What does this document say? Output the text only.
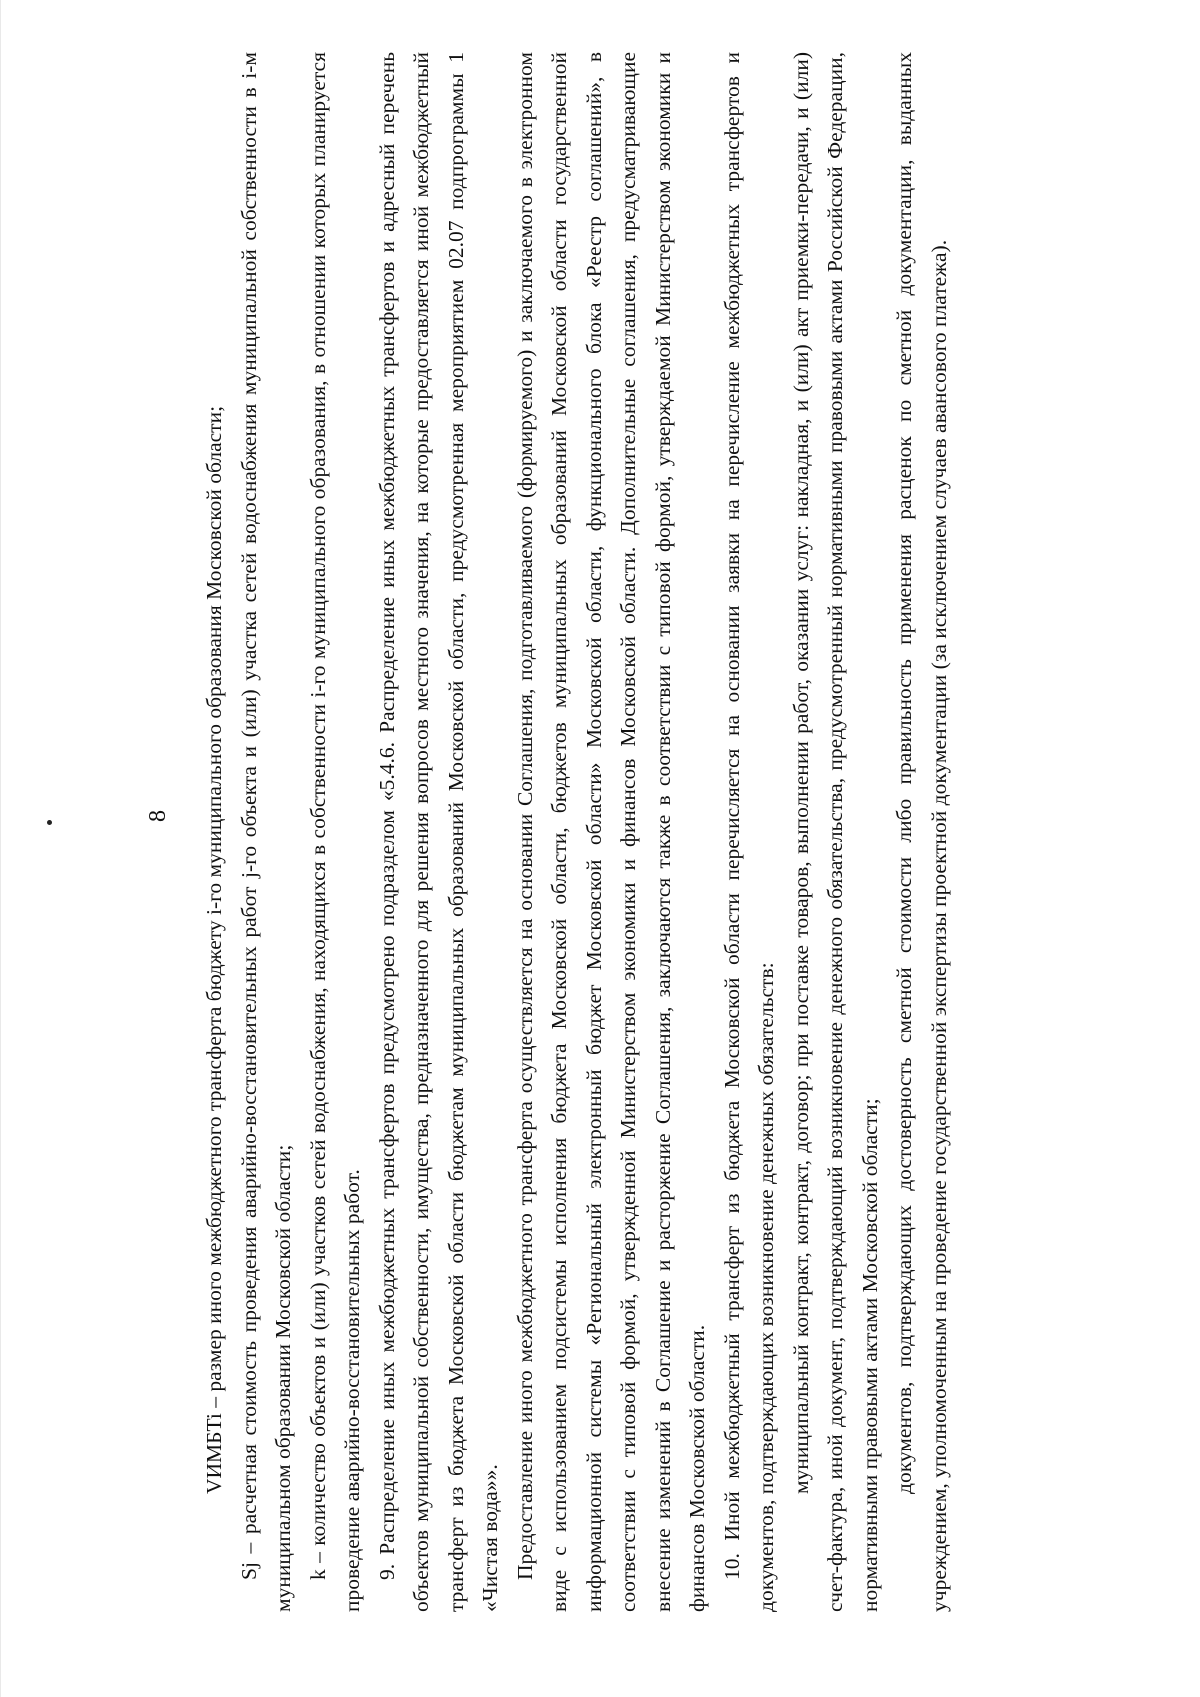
8 VИМБTi – размер иного межбюджетного трансферта бюджету i-го муниципального образования Московской области; Sj – расчетная стоимость проведения аварийно-восстановительных работ j-го объекта и (или) участка сетей водоснабжения муниципальной собственности в i-м муниципальном образовании Московской области; k – количество объектов и (или) участков сетей водоснабжения, находящихся в собственности i-го муниципального образования, в отношении которых планируется проведение аварийно-восстановительных работ. 9. Распределение иных межбюджетных трансфертов предусмотрено подразделом «5.4.6. Распределение иных межбюджетных трансфертов и адресный перечень объектов муниципальной собственности, имущества, предназначенного для решения вопросов местного значения, на которые предоставляется иной межбюджетный трансферт из бюджета Московской области бюджетам муниципальных образований Московской области, предусмотренная мероприятием 02.07 подпрограммы 1 «Чистая вода»». Предоставление иного межбюджетного трансферта осуществляется на основании Соглашения, подготавливаемого (формируемого) и заключаемого в электронном виде с использованием подсистемы исполнения бюджета Московской области, бюджетов муниципальных образований Московской области государственной информационной системы «Региональный электронный бюджет Московской области» Московской области, функционального блока «Реестр соглашений», в соответствии с типовой формой, утвержденной Министерством экономики и финансов Московской области. Дополнительные соглашения, предусматривающие внесение изменений в Соглашение и расторжение Соглашения, заключаются также в соответствии с типовой формой, утверждаемой Министерством экономики и финансов Московской области. 10. Иной межбюджетный трансферт из бюджета Московской области перечисляется на основании заявки на перечисление межбюджетных трансфертов и документов, подтверждающих возникновение денежных обязательств: муниципальный контракт, контракт, договор; при поставке товаров, выполнении работ, оказании услуг: накладная, и (или) акт приемки-передачи, и (или) счет-фактура, иной документ, подтверждающий возникновение денежного обязательства, предусмотренный нормативными правовыми актами Российской Федерации, нормативными правовыми актами Московской области; документов, подтверждающих достоверность сметной стоимости либо правильность применения расценок по сметной документации, выданных учреждением, уполномоченным на проведение государственной экспертизы проектной документации (за исключением случаев авансового платежа).
